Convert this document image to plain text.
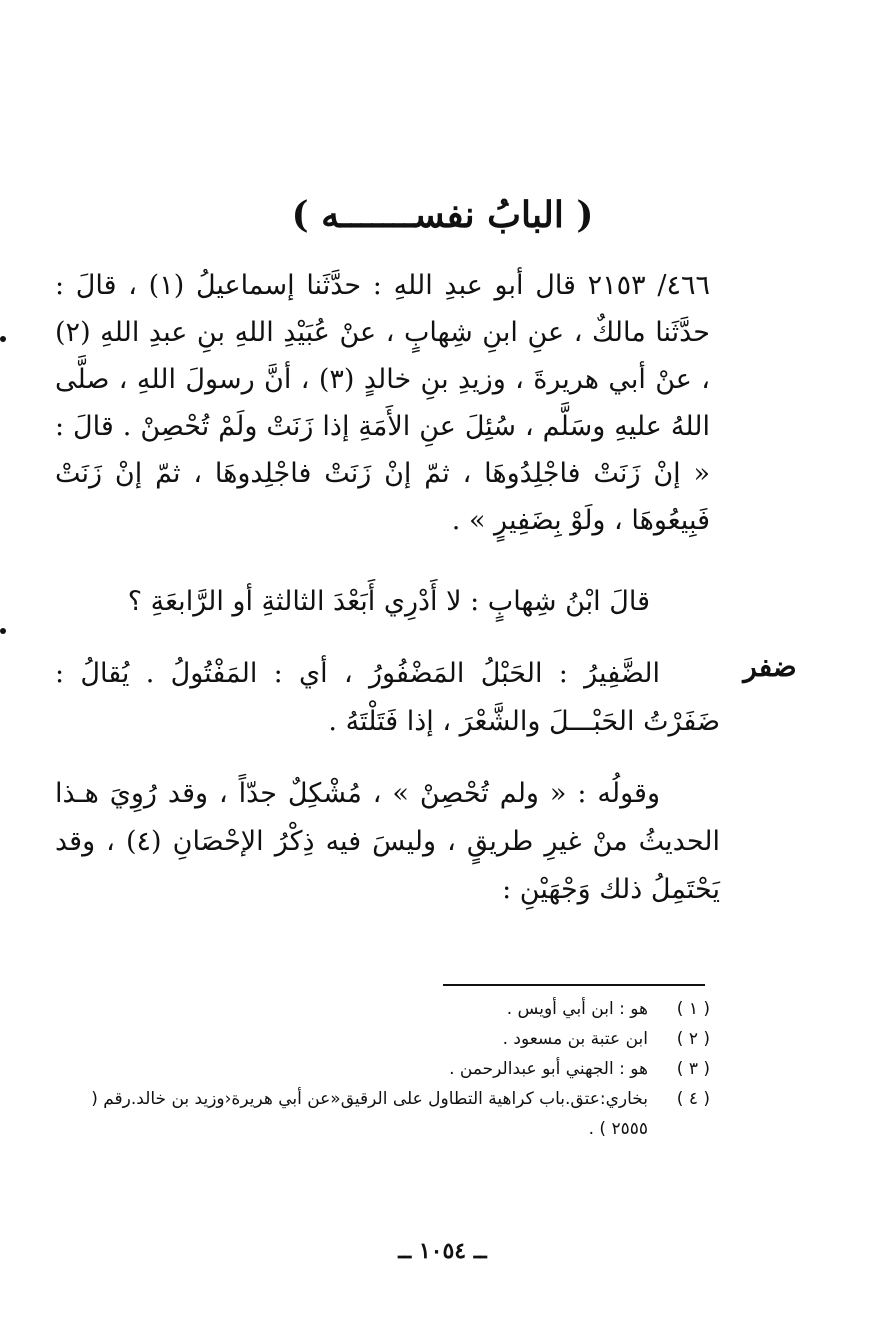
( البابُ نفســـــــه )

٤٦٦/ ٢١٥٣ قال أبو عبدِ اللهِ : حدَّثَنا إسماعيلُ (١) ، قالَ : حدَّثَنا مالكٌ ، عنِ ابنِ شِهابٍ ، عنْ عُبَيْدِ اللهِ بنِ عبدِ اللهِ (٢) ، عنْ أبي هريرةَ ، وزيدِ بنِ خالدٍ (٣) ، أنَّ رسولَ اللهِ ، صلَّى اللهُ عليهِ وسَلَّم ، سُئِلَ عنِ الأَمَةِ إذا زَنَتْ ولَمْ تُحْصِنْ . قالَ : « إنْ زَنَتْ فاجْلِدُوهَا ، ثمّ إنْ زَنَتْ فاجْلِدوهَا ، ثمّ إنْ زَنَتْ فَبِيعُوهَا ، ولَوْ بِضَفِيرٍ » .

قالَ ابْنُ شِهابٍ : لا أَدْرِي أَبَعْدَ الثالثةِ أو الرَّابعَةِ ؟

ضفر

الضَّفِيرُ : الحَبْلُ المَضْفُورُ ، أي : المَفْتُولُ . يُقالُ : ضَفَرْتُ الحَبْـــلَ والشَّعْرَ ، إذا فَتَلْتَهُ .

وقولُه : « ولم تُحْصِنْ » ، مُشْكِلٌ جدّاً ، وقد رُوِيَ هـذا الحديثُ منْ غيرِ طريقٍ ، وليسَ فيه ذِكْرُ الإحْصَانِ (٤) ، وقد يَحْتَمِلُ ذلك وَجْهَيْنِ :

( ١ )
هو : ابن أبي أويس .
( ٢ )
ابن عتبة بن مسعود .
( ٣ )
هو : الجهني أبو عبدالرحمن .
( ٤ )
بخاري:عتق.باب كراهية التطاول على الرقيق«عن أبي هريرة‹وزيد بن خالد.رقم ( ٢٥٥٥ ) .
ــ ١٠٥٤ ــ
